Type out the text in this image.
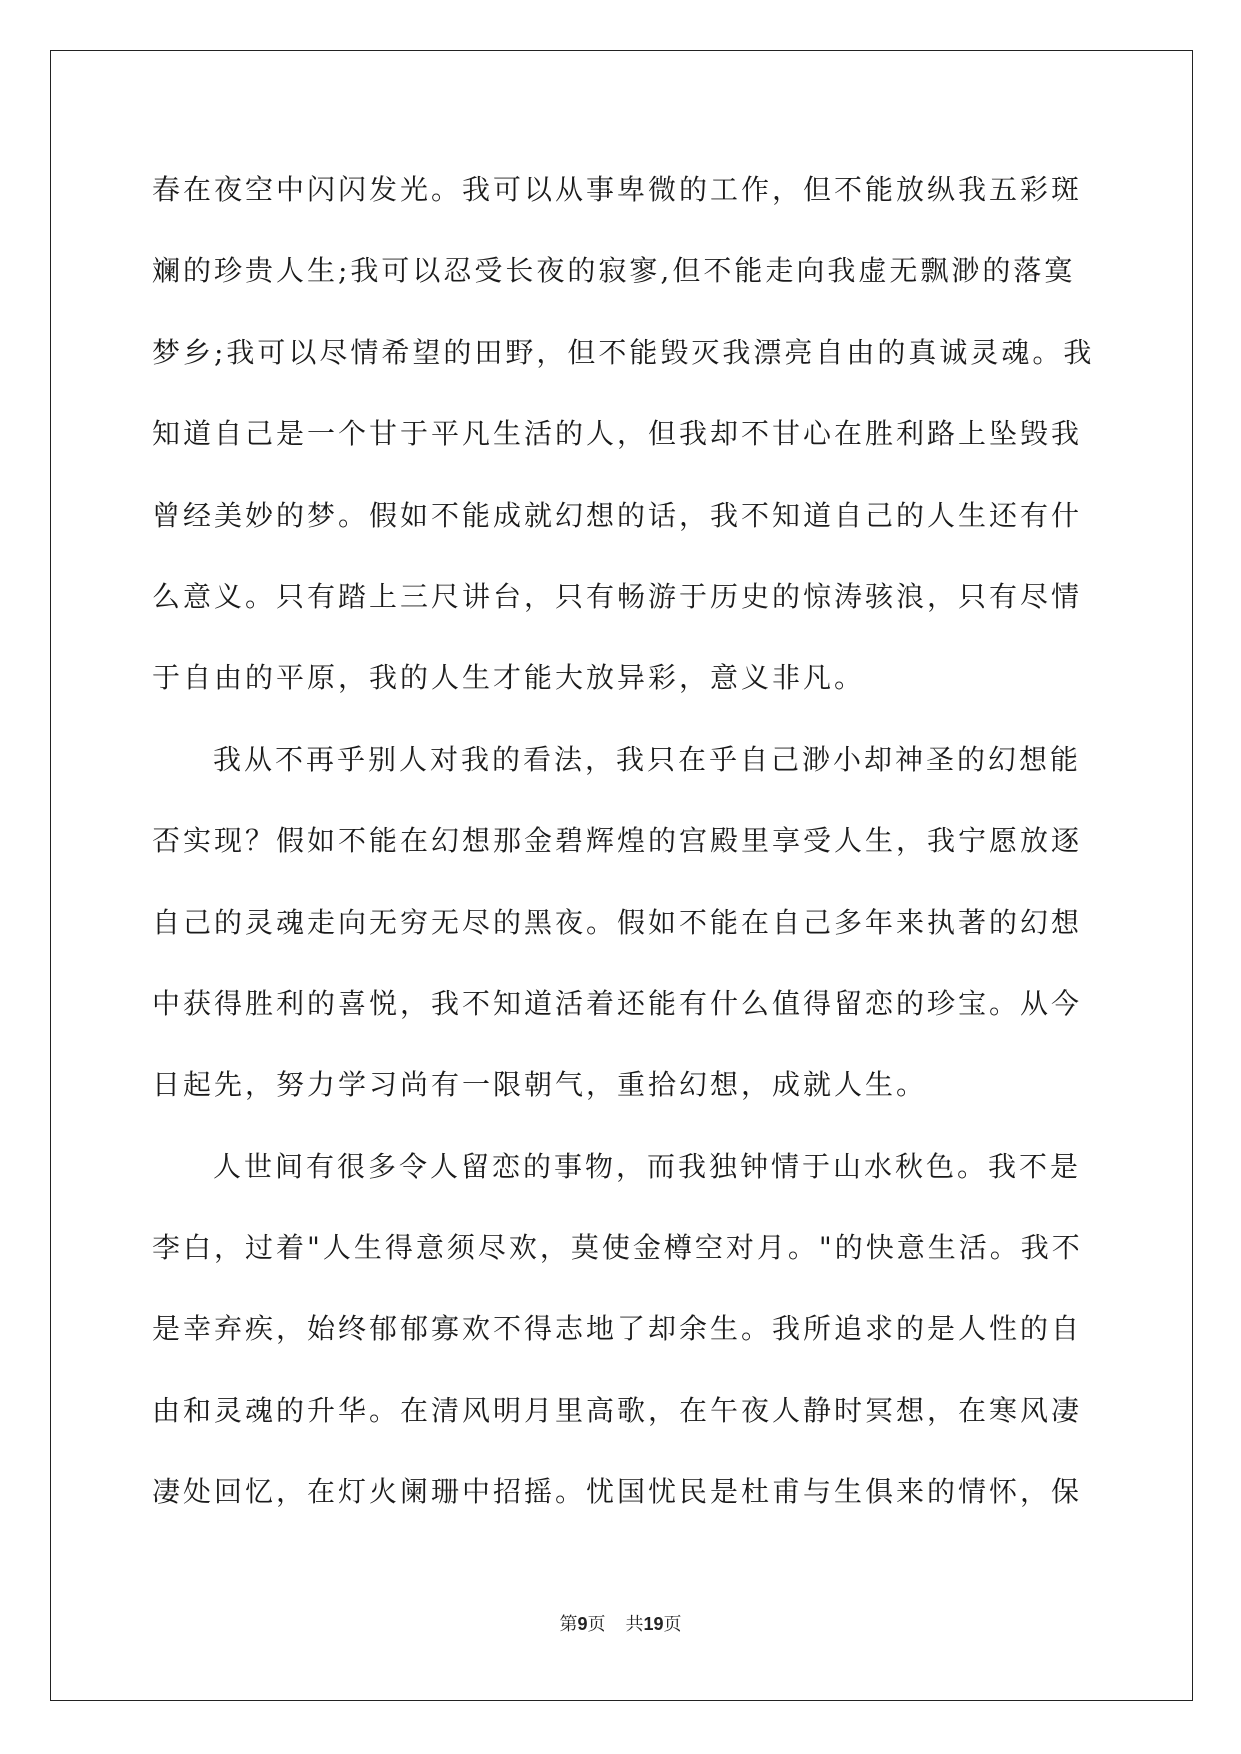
春在夜空中闪闪发光。我可以从事卑微的工作，但不能放纵我五彩斑
斓的珍贵人生;我可以忍受长夜的寂寥,但不能走向我虚无飘渺的落寞
梦乡;我可以尽情希望的田野，但不能毁灭我漂亮自由的真诚灵魂。我
知道自己是一个甘于平凡生活的人，但我却不甘心在胜利路上坠毁我
曾经美妙的梦。假如不能成就幻想的话，我不知道自己的人生还有什
么意义。只有踏上三尺讲台，只有畅游于历史的惊涛骇浪，只有尽情
于自由的平原，我的人生才能大放异彩，意义非凡。
我从不再乎别人对我的看法，我只在乎自己渺小却神圣的幻想能
否实现？假如不能在幻想那金碧辉煌的宫殿里享受人生，我宁愿放逐
自己的灵魂走向无穷无尽的黑夜。假如不能在自己多年来执著的幻想
中获得胜利的喜悦，我不知道活着还能有什么值得留恋的珍宝。从今
日起先，努力学习尚有一限朝气，重拾幻想，成就人生。
人世间有很多令人留恋的事物，而我独钟情于山水秋色。我不是
李白，过着"人生得意须尽欢，莫使金樽空对月。"的快意生活。我不
是幸弃疾，始终郁郁寡欢不得志地了却余生。我所追求的是人性的自
由和灵魂的升华。在清风明月里高歌，在午夜人静时冥想，在寒风凄
凄处回忆，在灯火阑珊中招摇。忧国忧民是杜甫与生俱来的情怀，保
第9页 共19页
